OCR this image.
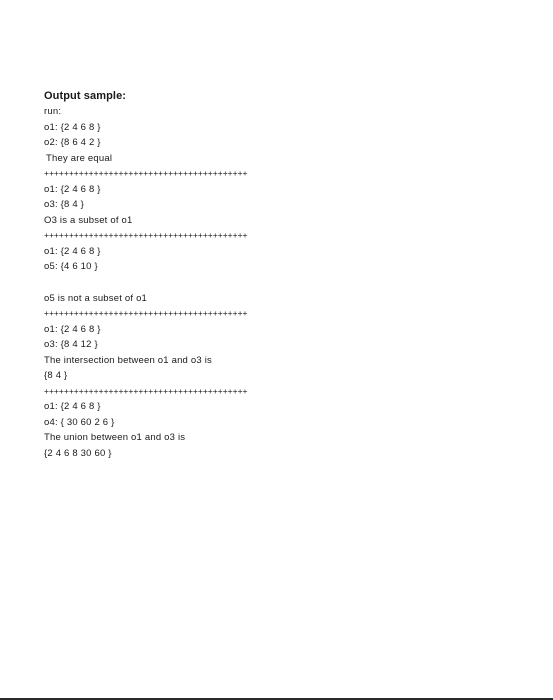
Output sample:
run:
o1: {2 4 6 8 }
o2: {8 6 4 2 }
They are equal
+++++++++++++++++++++++++++++++++++++++++
o1: {2 4 6 8 }
o3: {8 4 }
O3 is a subset of o1
+++++++++++++++++++++++++++++++++++++++++
o1: {2 4 6 8 }
o5: {4 6 10 }
o5 is not a subset of o1
+++++++++++++++++++++++++++++++++++++++++
o1: {2 4 6 8 }
o3: {8 4 12 }
The intersection between o1 and o3 is
{8 4 }
+++++++++++++++++++++++++++++++++++++++++
o1: {2 4 6 8 }
o4: { 30 60 2 6 }
The union between o1 and o3 is
{2 4 6 8 30 60 }
